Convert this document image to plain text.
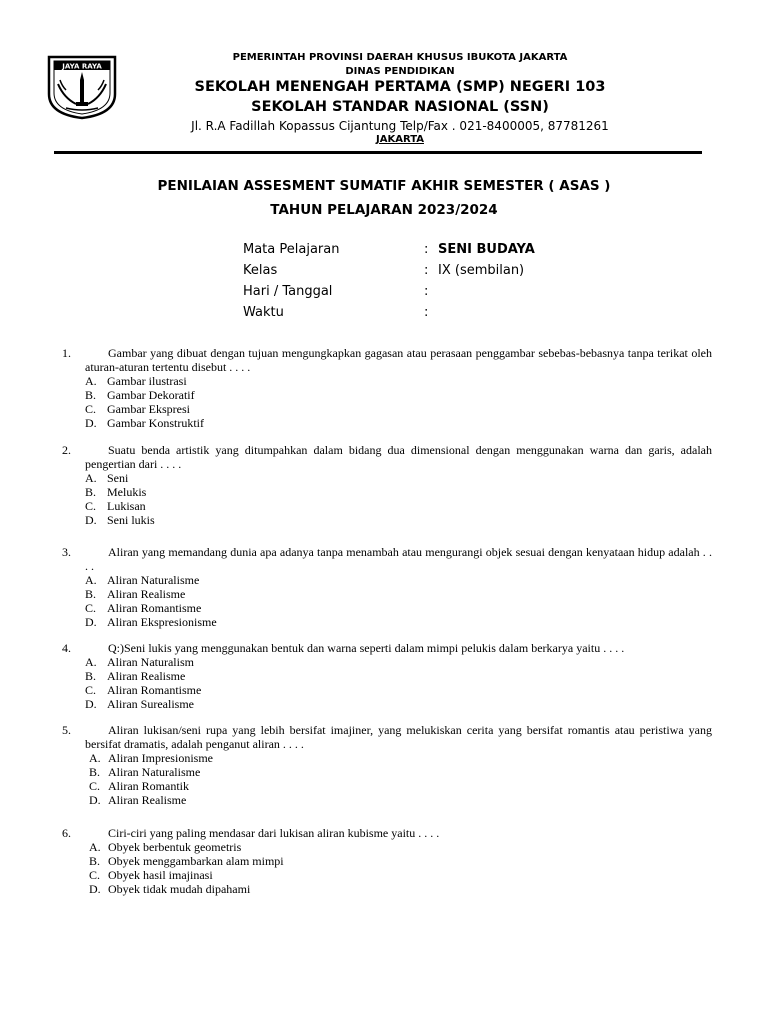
JAYA RAYA
PEMERINTAH PROVINSI DAERAH KHUSUS IBUKOTA JAKARTA
DINAS PENDIDIKAN
SEKOLAH MENENGAH PERTAMA (SMP) NEGERI 103
SEKOLAH STANDAR NASIONAL (SSN)
Jl. R.A Fadillah Kopassus Cijantung Telp/Fax . 021-8400005, 87781261
JAKARTA
PENILAIAN ASSESMENT SUMATIF AKHIR SEMESTER ( ASAS )
TAHUN PELAJARAN 2023/2024
Mata Pelajaran	: SENI BUDAYA
Kelas	: IX (sembilan)
Hari / Tanggal	:
Waktu	:
1.	Gambar yang dibuat dengan tujuan mengungkapkan gagasan atau perasaan penggambar sebebas-bebasnya tanpa terikat oleh aturan-aturan tertentu disebut . . . .
A. Gambar ilustrasi
B. Gambar Dekoratif
C. Gambar Ekspresi
D. Gambar Konstruktif
2.	Suatu benda artistik yang ditumpahkan dalam bidang dua dimensional dengan menggunakan warna dan garis, adalah pengertian dari . . . .
A. Seni
B. Melukis
C. Lukisan
D. Seni lukis
3.	Aliran yang memandang dunia apa adanya tanpa menambah atau mengurangi objek sesuai dengan kenyataan hidup adalah . . . .
A. Aliran Naturalisme
B. Aliran Realisme
C. Aliran Romantisme
D. Aliran Ekspresionisme
4.	Q:)Seni lukis yang menggunakan bentuk dan warna seperti dalam mimpi pelukis dalam berkarya yaitu . . . .
A. Aliran Naturalism
B. Aliran Realisme
C. Aliran Romantisme
D. Aliran Surealisme
5.	Aliran lukisan/seni rupa yang lebih bersifat imajiner, yang melukiskan cerita yang bersifat romantis atau peristiwa yang bersifat dramatis, adalah penganut aliran . . . .
A. Aliran Impresionisme
B. Aliran Naturalisme
C. Aliran Romantik
D. Aliran Realisme
6.	Ciri-ciri yang paling mendasar dari lukisan aliran kubisme yaitu . . . .
A. Obyek berbentuk geometris
B. Obyek menggambarkan alam mimpi
C. Obyek hasil imajinasi
D. Obyek tidak mudah dipahami
